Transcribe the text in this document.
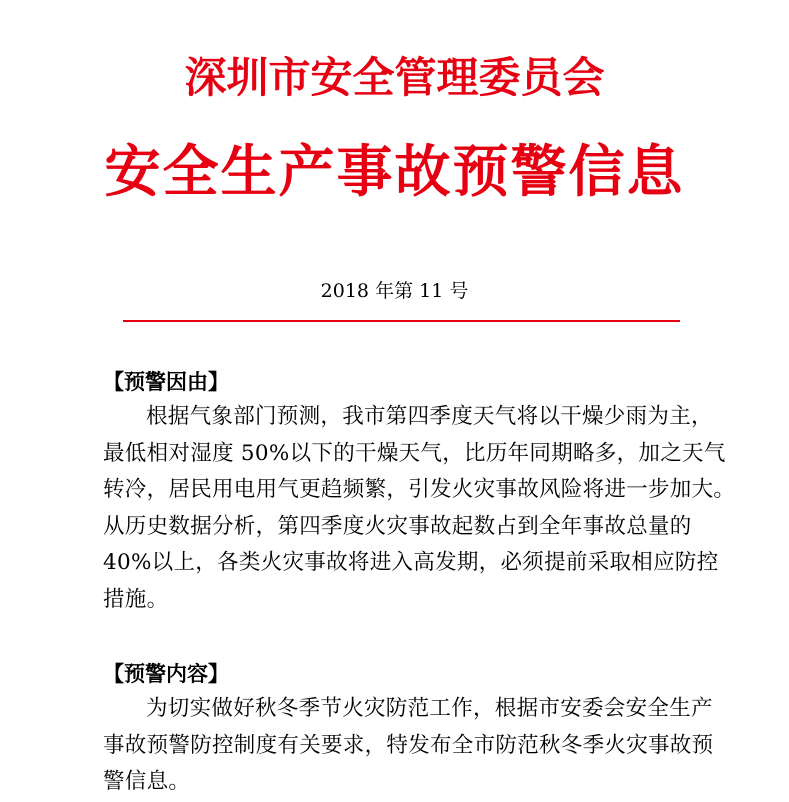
深圳市安全管理委员会
安全生产事故预警信息
2018 年第 11 号
【预警因由】
根据气象部门预测，我市第四季度天气将以干燥少雨为主，
最低相对湿度 50%以下的干燥天气，比历年同期略多，加之天气
转冷，居民用电用气更趋频繁，引发火灾事故风险将进一步加大。
从历史数据分析，第四季度火灾事故起数占到全年事故总量的
40%以上，各类火灾事故将进入高发期，必须提前采取相应防控
措施。
【预警内容】
为切实做好秋冬季节火灾防范工作，根据市安委会安全生产
事故预警防控制度有关要求，特发布全市防范秋冬季火灾事故预
警信息。
